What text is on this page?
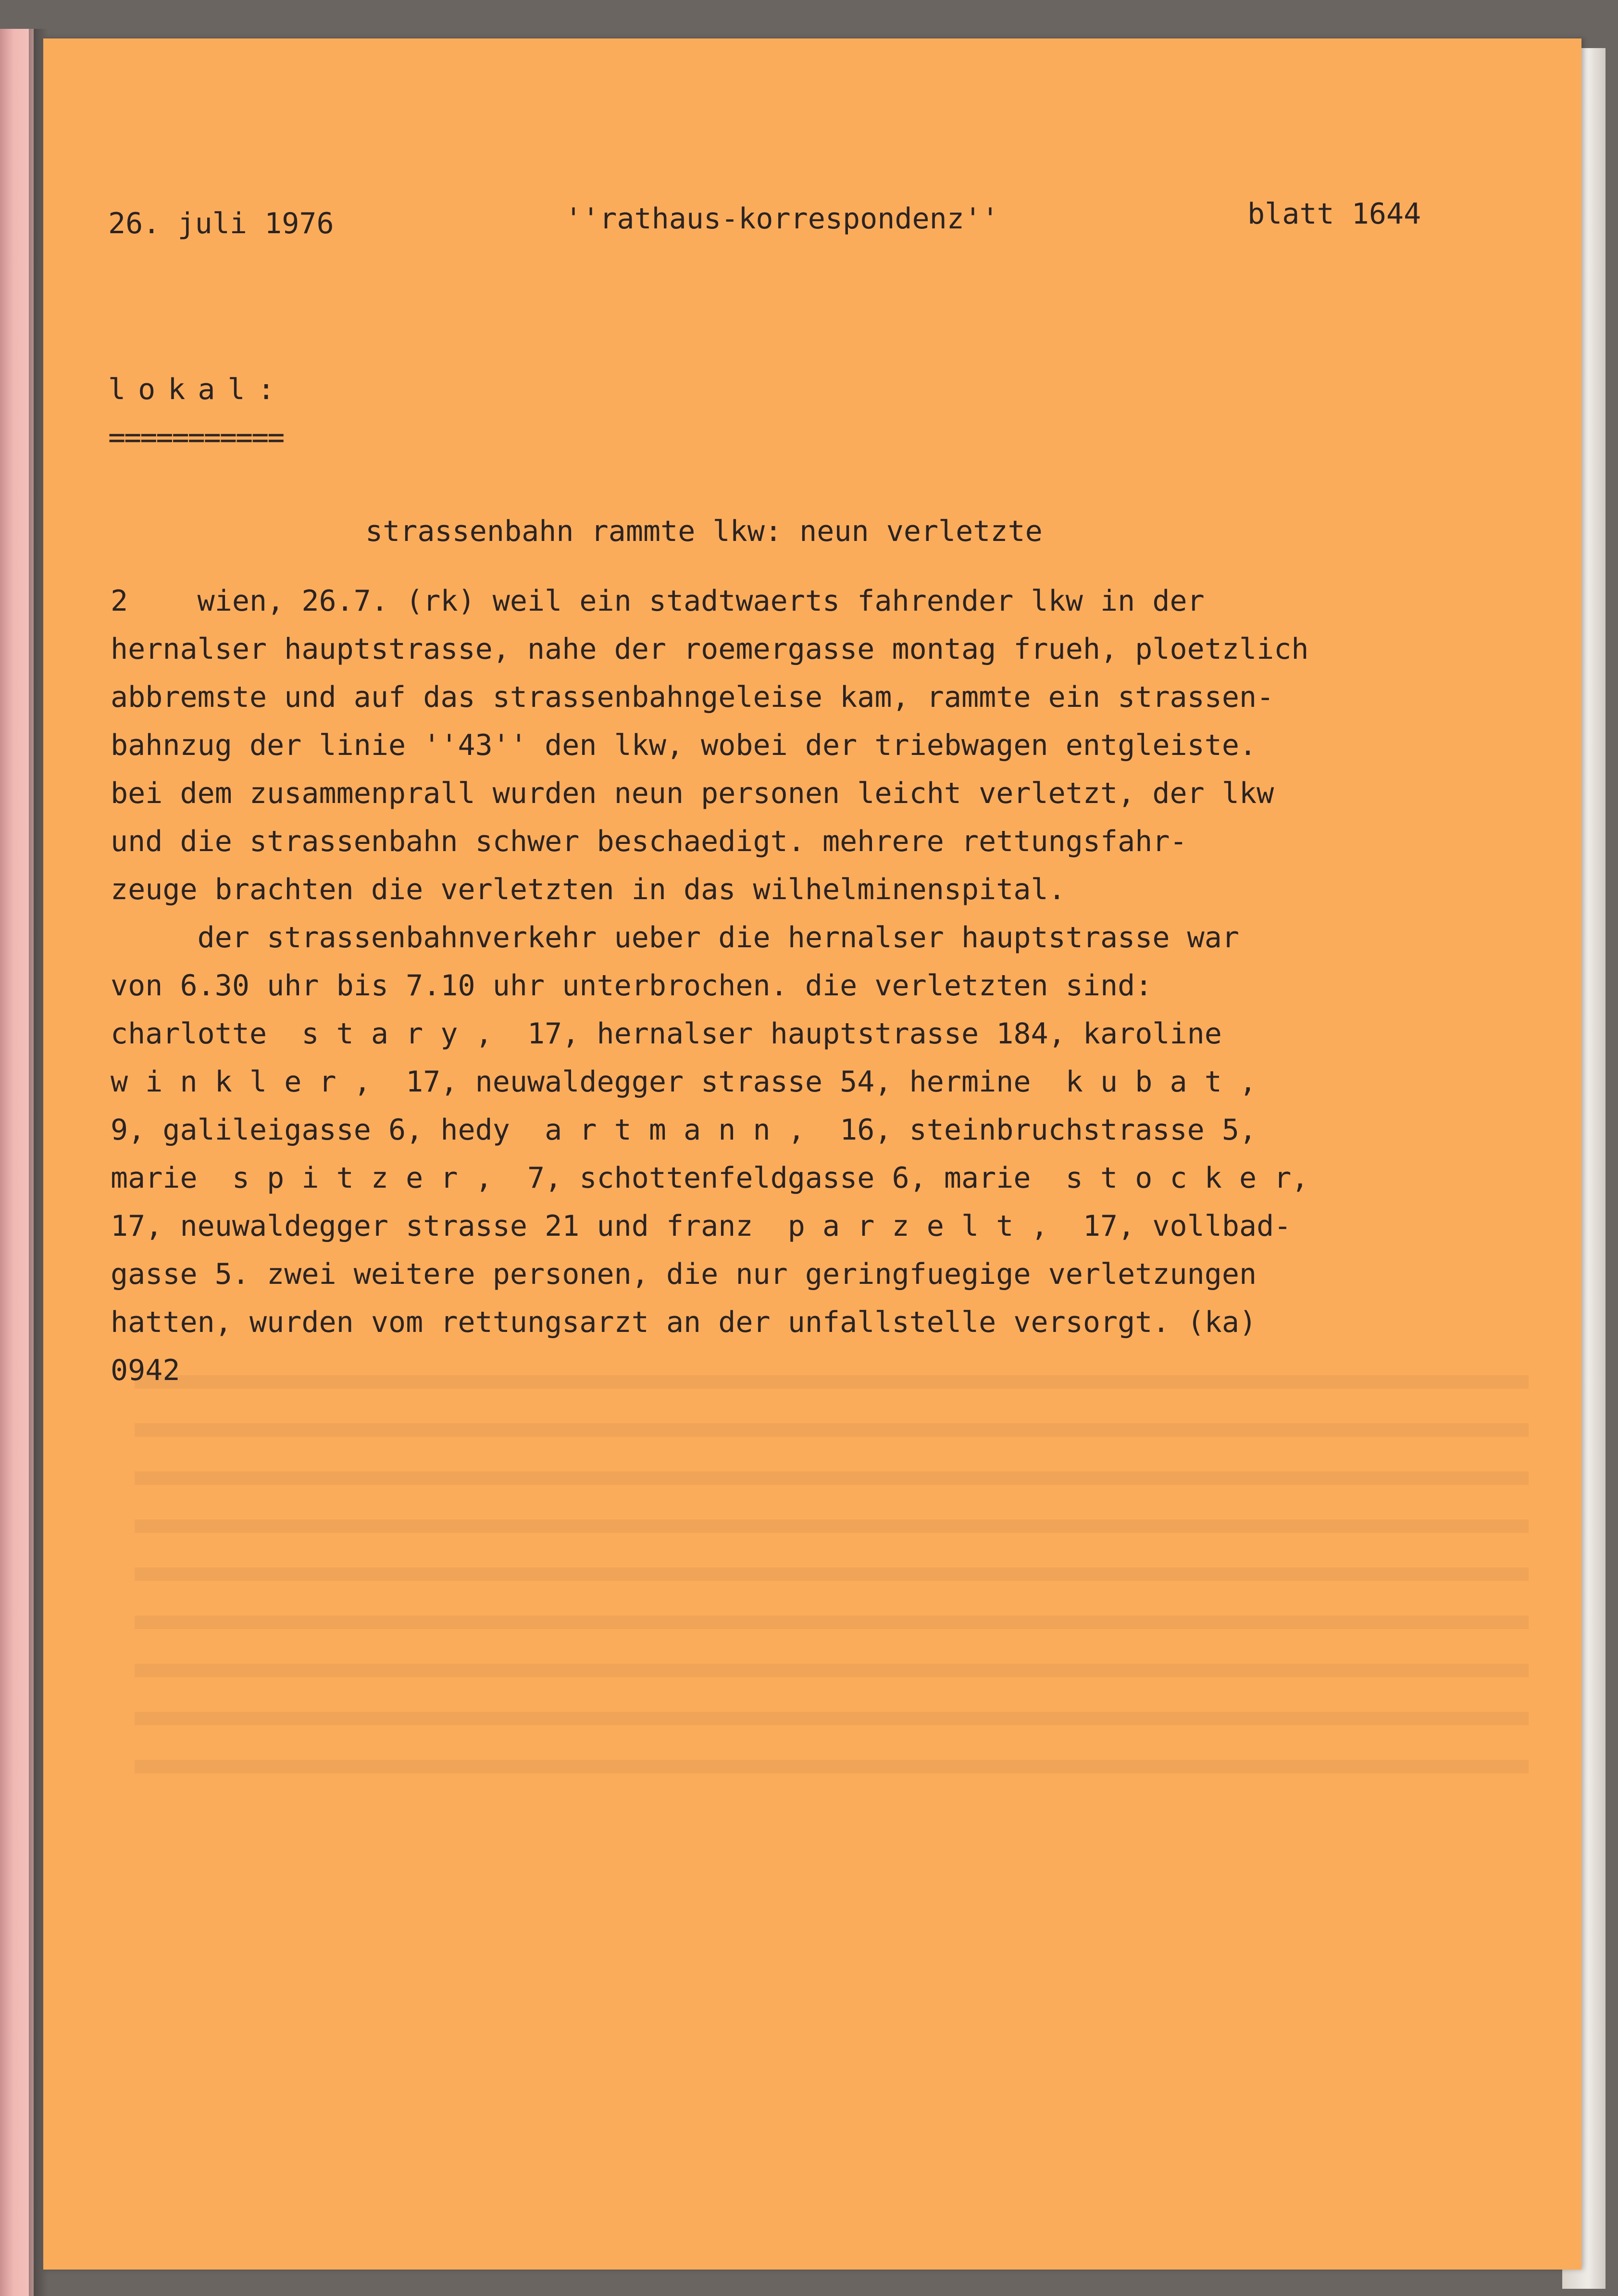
26. juli 1976	''rathaus-korrespondenz''	blatt 1644

lokal:

===========

strassenbahn rammte lkw: neun verletzte

2    wien, 26.7. (rk) weil ein stadtwaerts fahrender lkw in der

hernalser hauptstrasse, nahe der roemergasse montag frueh, ploetzlich

abbremste und auf das strassenbahngeleise kam, rammte ein strassen-

bahnzug der linie ''43'' den lkw, wobei der triebwagen entgleiste.

bei dem zusammenprall wurden neun personen leicht verletzt, der lkw

und die strassenbahn schwer beschaedigt. mehrere rettungsfahr-

zeuge brachten die verletzten in das wilhelminenspital.

der strassenbahnverkehr ueber die hernalser hauptstrasse war

von 6.30 uhr bis 7.10 uhr unterbrochen. die verletzten sind:

charlotte  s t a r y ,  17, hernalser hauptstrasse 184, karoline

w i n k l e r ,  17, neuwaldegger strasse 54, hermine  k u b a t ,

9, galileigasse 6, hedy  a r t m a n n ,  16, steinbruchstrasse 5,

marie  s p i t z e r ,  7, schottenfeldgasse 6, marie  s t o c k e r,

17, neuwaldegger strasse 21 und franz  p a r z e l t ,  17, vollbad-

gasse 5. zwei weitere personen, die nur geringfuegige verletzungen

hatten, wurden vom rettungsarzt an der unfallstelle versorgt. (ka)

0942
